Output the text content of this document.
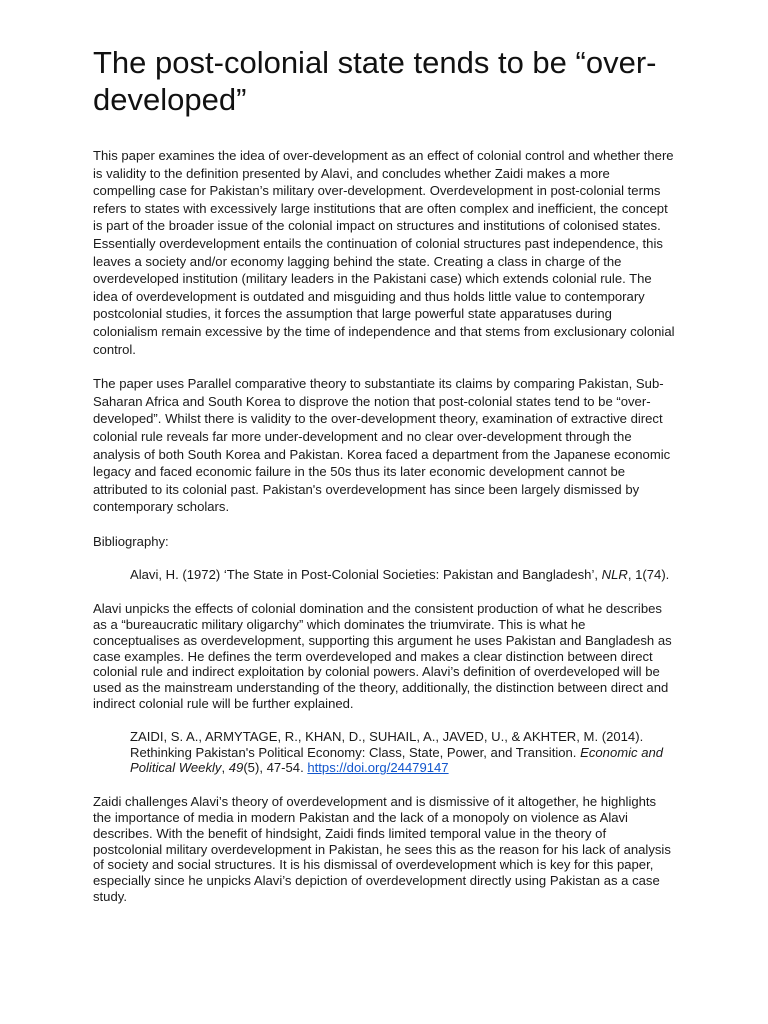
The post-colonial state tends to be “over-developed”

This paper examines the idea of over-development as an effect of colonial control and whether there is validity to the definition presented by Alavi, and concludes whether Zaidi makes a more compelling case for Pakistan’s military over-development. Overdevelopment in post-colonial terms refers to states with excessively large institutions that are often complex and inefficient, the concept is part of the broader issue of the colonial impact on structures and institutions of colonised states. Essentially overdevelopment entails the continuation of colonial structures past independence, this leaves a society and/or economy lagging behind the state. Creating a class in charge of the overdeveloped institution (military leaders in the Pakistani case) which extends colonial rule. The idea of overdevelopment is outdated and misguiding and thus holds little value to contemporary postcolonial studies, it forces the assumption that large powerful state apparatuses during colonialism remain excessive by the time of independence and that stems from exclusionary colonial control.

The paper uses Parallel comparative theory to substantiate its claims by comparing Pakistan, Sub-Saharan Africa and South Korea to disprove the notion that post-colonial states tend to be “over-developed”. Whilst there is validity to the over-development theory, examination of extractive direct colonial rule reveals far more under-development and no clear over-development through the analysis of both South Korea and Pakistan. Korea faced a department from the Japanese economic legacy and faced economic failure in the 50s thus its later economic development cannot be attributed to its colonial past. Pakistan's overdevelopment has since been largely dismissed by contemporary scholars.

Bibliography:

Alavi, H. (1972) ‘The State in Post-Colonial Societies: Pakistan and Bangladesh’, NLR, 1(74).

Alavi unpicks the effects of colonial domination and the consistent production of what he describes as a “bureaucratic military oligarchy” which dominates the triumvirate. This is what he conceptualises as overdevelopment, supporting this argument he uses Pakistan and Bangladesh as case examples. He defines the term overdeveloped and makes a clear distinction between direct colonial rule and indirect exploitation by colonial powers. Alavi’s definition of overdeveloped will be used as the mainstream understanding of the theory, additionally, the distinction between direct and indirect colonial rule will be further explained.

ZAIDI, S. A., ARMYTAGE, R., KHAN, D., SUHAIL, A., JAVED, U., & AKHTER, M. (2014). Rethinking Pakistan's Political Economy: Class, State, Power, and Transition. Economic and Political Weekly, 49(5), 47-54. https://doi.org/24479147

Zaidi challenges Alavi’s theory of overdevelopment and is dismissive of it altogether, he highlights the importance of media in modern Pakistan and the lack of a monopoly on violence as Alavi describes. With the benefit of hindsight, Zaidi finds limited temporal value in the theory of postcolonial military overdevelopment in Pakistan, he sees this as the reason for his lack of analysis of society and social structures. It is his dismissal of overdevelopment which is key for this paper, especially since he unpicks Alavi’s depiction of overdevelopment directly using Pakistan as a case study.
